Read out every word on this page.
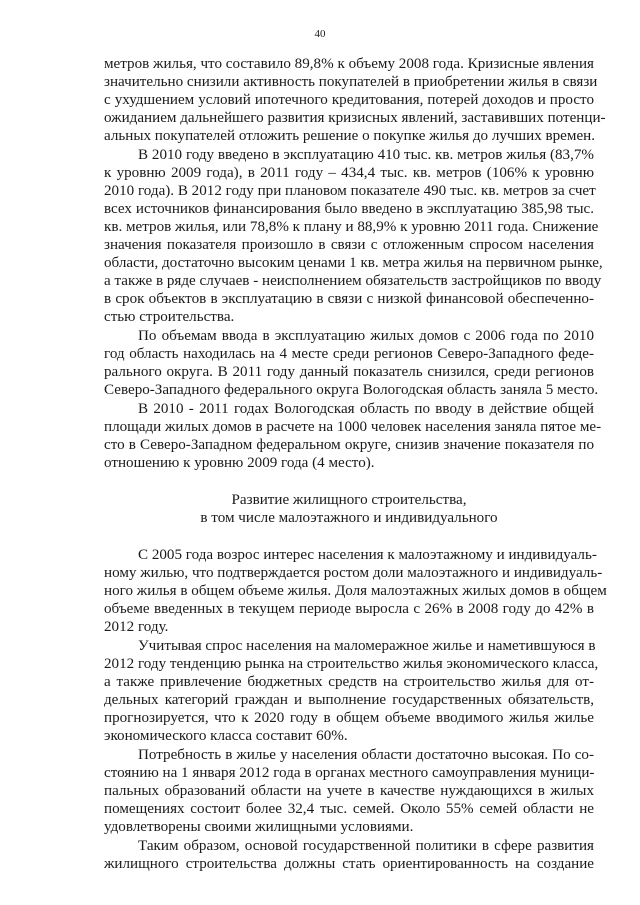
40
метров жилья, что составило 89,8% к объему 2008 года. Кризисные явления
значительно снизили активность покупателей в приобретении жилья в связи
с ухудшением условий ипотечного кредитования, потерей доходов и просто
ожиданием дальнейшего развития кризисных явлений, заставивших потенци-
альных покупателей отложить решение о покупке жилья до лучших времен.
В 2010 году введено в эксплуатацию 410 тыс. кв. метров жилья (83,7%
к уровню 2009 года), в 2011 году – 434,4 тыс. кв. метров (106% к уровню
2010 года). В 2012 году при плановом показателе 490 тыс. кв. метров за счет
всех источников финансирования было введено в эксплуатацию 385,98 тыс.
кв. метров жилья, или 78,8% к плану и 88,9% к уровню 2011 года. Снижение
значения показателя произошло в связи с отложенным спросом населения
области, достаточно высоким ценами 1 кв. метра жилья на первичном рынке,
а также в ряде случаев - неисполнением обязательств застройщиков по вводу
в срок объектов в эксплуатацию в связи с низкой финансовой обеспеченно-
стью строительства.
По объемам ввода в эксплуатацию жилых домов с 2006 года по 2010
год область находилась на 4 месте среди регионов Северо-Западного феде-
рального округа. В 2011 году данный показатель снизился, среди регионов
Северо-Западного федерального округа Вологодская область заняла 5 место.
В 2010 - 2011 годах Вологодская область по вводу в действие общей
площади жилых домов в расчете на 1000 человек населения заняла пятое ме-
сто в Северо-Западном федеральном округе, снизив значение показателя по
отношению к уровню 2009 года (4 место).
Развитие жилищного строительства,
в том числе малоэтажного и индивидуального
С 2005 года возрос интерес населения к малоэтажному и индивидуаль-
ному жилью, что подтверждается ростом доли малоэтажного и индивидуаль-
ного жилья в общем объеме жилья. Доля малоэтажных жилых домов в общем
объеме введенных в текущем периоде выросла с 26% в 2008 году до 42% в
2012 году.
Учитывая спрос населения на маломеражное жилье и наметившуюся в
2012 году тенденцию рынка на строительство жилья экономического класса,
а также привлечение бюджетных средств на строительство жилья для от-
дельных категорий граждан и выполнение государственных обязательств,
прогнозируется, что к 2020 году в общем объеме вводимого жилья жилье
экономического класса составит 60%.
Потребность в жилье у населения области достаточно высокая. По со-
стоянию на 1 января 2012 года в органах местного самоуправления муници-
пальных образований области на учете в качестве нуждающихся в жилых
помещениях состоит более 32,4 тыс. семей. Около 55% семей области не
удовлетворены своими жилищными условиями.
Таким образом, основой государственной политики в сфере развития
жилищного строительства должны стать ориентированность на создание
